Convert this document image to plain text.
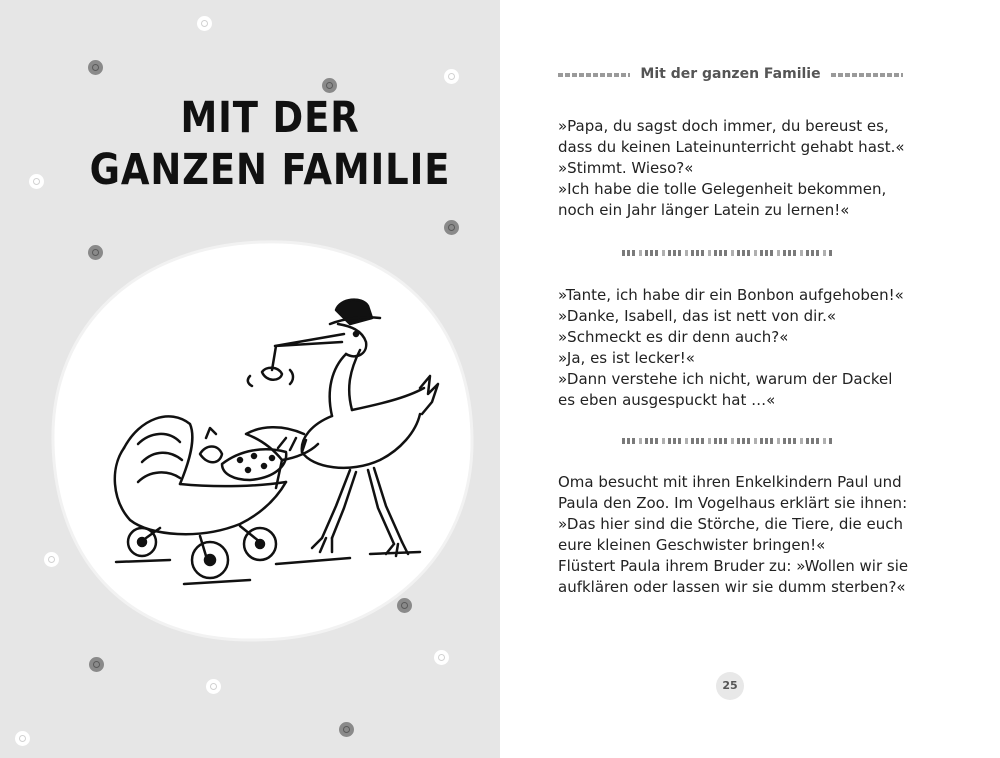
MIT DER
GANZEN FAMILIE
Mit der ganzen Familie

»Papa, du sagst doch immer, du bereust es,

dass du keinen Lateinunterricht gehabt hast.«

»Stimmt. Wieso?«

»Ich habe die tolle Gelegenheit bekommen,

noch ein Jahr länger Latein zu lernen!«

»Tante, ich habe dir ein Bonbon aufgehoben!«

»Danke, Isabell, das ist nett von dir.«

»Schmeckt es dir denn auch?«

»Ja, es ist lecker!«

»Dann verstehe ich nicht, warum der Dackel

es eben ausgespuckt hat …«

Oma besucht mit ihren Enkelkindern Paul und

Paula den Zoo. Im Vogelhaus erklärt sie ihnen:

»Das hier sind die Störche, die Tiere, die euch

eure kleinen Geschwister bringen!«

Flüstert Paula ihrem Bruder zu: »Wollen wir sie

aufklären oder lassen wir sie dumm sterben?«

25
